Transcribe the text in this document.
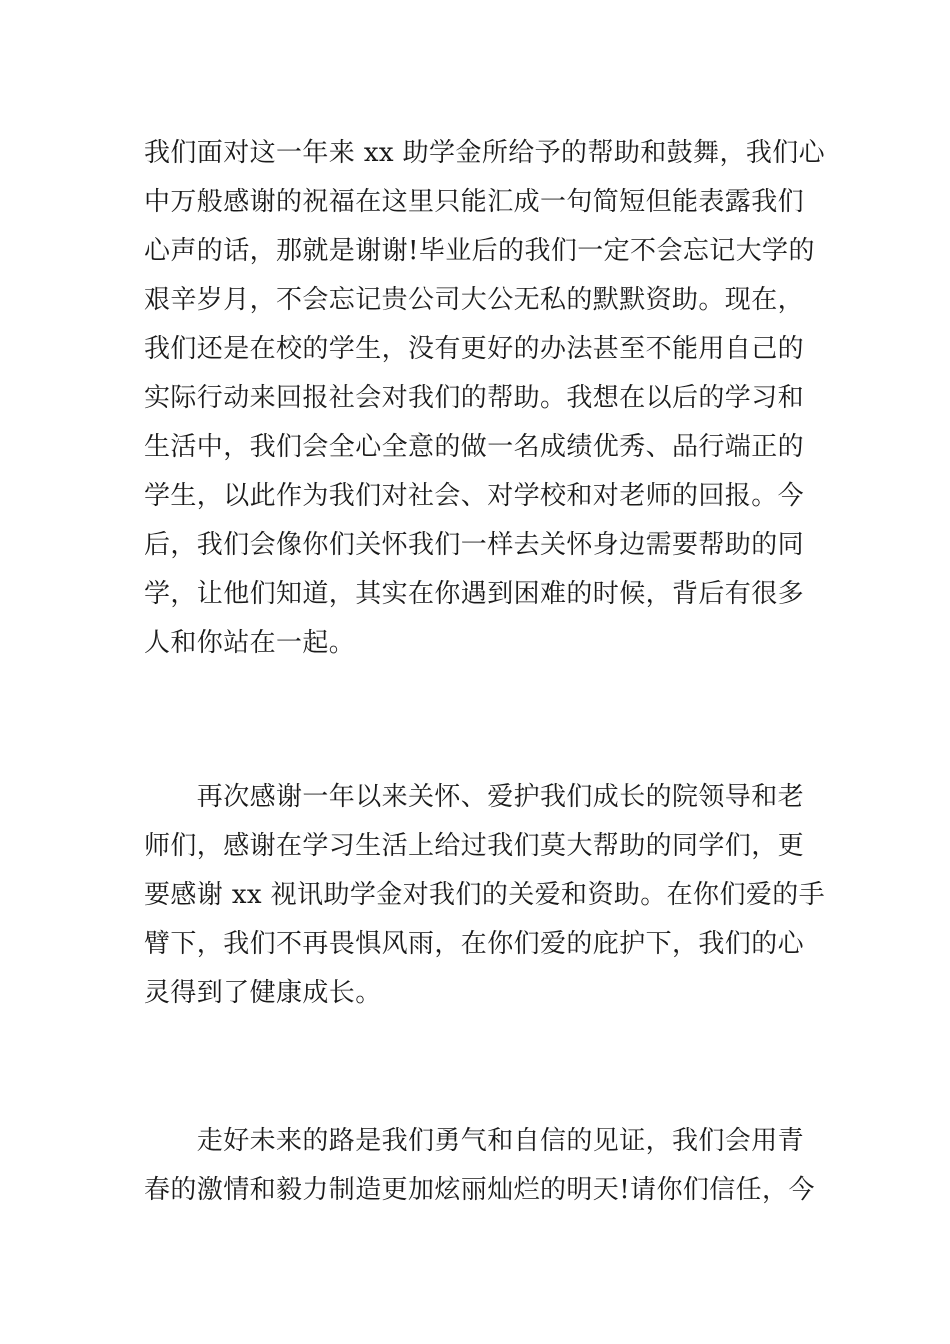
我们面对这一年来 xx 助学金所给予的帮助和鼓舞，我们心
中万般感谢的祝福在这里只能汇成一句简短但能表露我们
心声的话，那就是谢谢!毕业后的我们一定不会忘记大学的
艰辛岁月，不会忘记贵公司大公无私的默默资助。现在，
我们还是在校的学生，没有更好的办法甚至不能用自己的
实际行动来回报社会对我们的帮助。我想在以后的学习和
生活中，我们会全心全意的做一名成绩优秀、品行端正的
学生，以此作为我们对社会、对学校和对老师的回报。今
后，我们会像你们关怀我们一样去关怀身边需要帮助的同
学，让他们知道，其实在你遇到困难的时候，背后有很多
人和你站在一起。
　　再次感谢一年以来关怀、爱护我们成长的院领导和老
师们，感谢在学习生活上给过我们莫大帮助的同学们，更
要感谢 xx 视讯助学金对我们的关爱和资助。在你们爱的手
臂下，我们不再畏惧风雨，在你们爱的庇护下，我们的心
灵得到了健康成长。
　　走好未来的路是我们勇气和自信的见证，我们会用青
春的激情和毅力制造更加炫丽灿烂的明天!请你们信任，今
